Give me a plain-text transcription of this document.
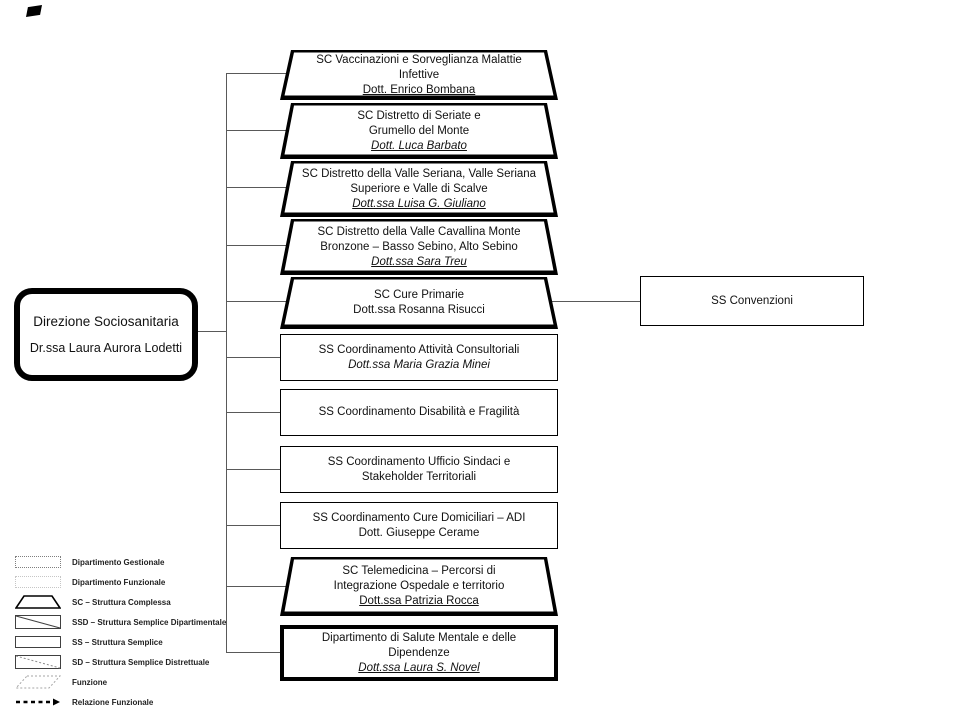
Direzione Sociosanitaria
Dr.ssa Laura Aurora Lodetti
SC Vaccinazioni e Sorveglianza Malattie Infettive
Dott. Enrico Bombana
SC Distretto di Seriate e Grumello del Monte
Dott. Luca Barbato
SC Distretto della Valle Seriana, Valle Seriana Superiore e Valle di Scalve
Dott.ssa Luisa G. Giuliano
SC Distretto della Valle Cavallina Monte Bronzone – Basso Sebino, Alto Sebino
Dott.ssa Sara Treu
SC Cure Primarie
Dott.ssa Rosanna Risucci
SS Coordinamento Attività Consultoriali
Dott.ssa Maria Grazia Minei
SS Coordinamento Disabilità e Fragilità
SS Coordinamento Ufficio Sindaci e Stakeholder Territoriali
SS Coordinamento Cure Domiciliari – ADI
Dott. Giuseppe Cerame
SC Telemedicina – Percorsi di Integrazione Ospedale e territorio
Dott.ssa Patrizia Rocca
Dipartimento di Salute Mentale e delle Dipendenze
Dott.ssa Laura S. Novel
SS Convenzioni
Dipartimento Gestionale
Dipartimento Funzionale
SC – Struttura Complessa
SSD – Struttura Semplice Dipartimentale
SS – Struttura Semplice
SD – Struttura Semplice Distrettuale
Funzione
Relazione Funzionale
